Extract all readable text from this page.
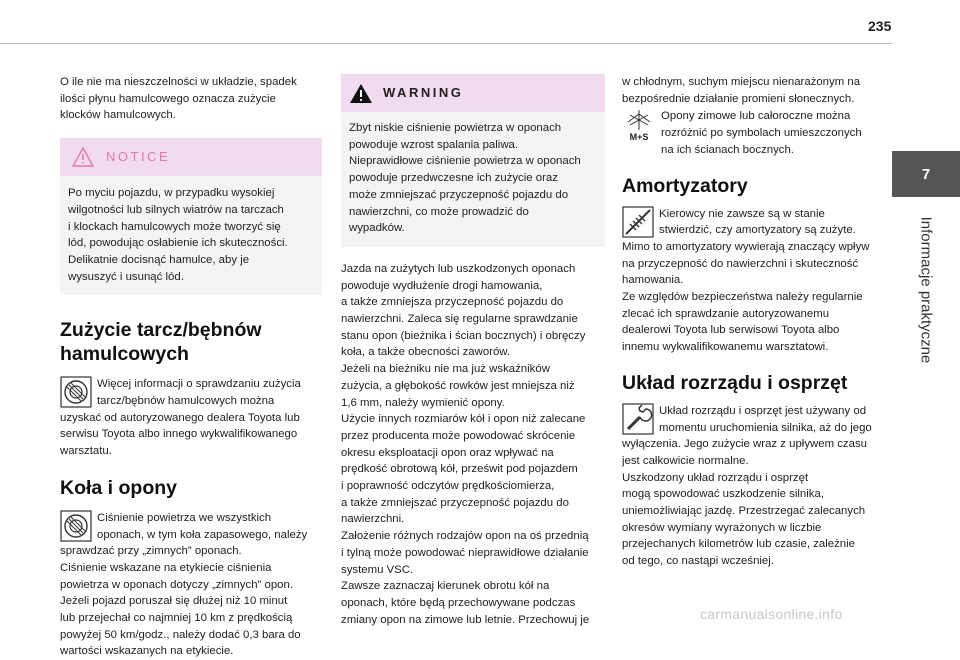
235
7
Informacje praktyczne

O ile nie ma nieszczelności w układzie, spadek
ilości płynu hamulcowego oznacza zużycie
klocków hamulcowych.

NOTICE
Po myciu pojazdu, w przypadku wysokiej
wilgotności lub silnych wiatrów na tarczach
i klockach hamulcowych może tworzyć się
lód, powodując osłabienie ich skuteczności.
Delikatnie docisnąć hamulce, aby je
wysuszyć i usunąć lód.
Zużycie tarcz/bębnów hamulcowych

Więcej informacji o sprawdzaniu zużycia
tarcz/bębnów hamulcowych można
uzyskać od autoryzowanego dealera Toyota lub
serwisu Toyota albo innego wykwalifikowanego
warsztatu.

Koła i opony

Ciśnienie powietrza we wszystkich
oponach, w tym koła zapasowego, należy
sprawdzać przy „zimnych” oponach.
Ciśnienie wskazane na etykiecie ciśnienia
powietrza w oponach dotyczy „zimnych” opon.
Jeżeli pojazd poruszał się dłużej niż 10 minut
lub przejechał co najmniej 10 km z prędkością
powyżej 50 km/godz., należy dodać 0,3 bara do
wartości wskazanych na etykiecie.

WARNING
Zbyt niskie ciśnienie powietrza w oponach
powoduje wzrost spalania paliwa.
Nieprawidłowe ciśnienie powietrza w oponach
powoduje przedwczesne ich zużycie oraz
może zmniejszać przyczepność pojazdu do
nawierzchni, co może prowadzić do
wypadków.

Jazda na zużytych lub uszkodzonych oponach
powoduje wydłużenie drogi hamowania,
a także zmniejsza przyczepność pojazdu do
nawierzchni. Zaleca się regularne sprawdzanie
stanu opon (bieżnika i ścian bocznych) i obręczy
koła, a także obecności zaworów.
Jeżeli na bieżniku nie ma już wskaźników
zużycia, a głębokość rowków jest mniejsza niż
1,6 mm, należy wymienić opony.
Użycie innych rozmiarów kół i opon niż zalecane
przez producenta może powodować skrócenie
okresu eksploatacji opon oraz wpływać na
prędkość obrotową kół, prześwit pod pojazdem
i poprawność odczytów prędkościomierza,
a także zmniejszać przyczepność pojazdu do
nawierzchni.
Założenie różnych rodzajów opon na oś przednią
i tylną może powodować nieprawidłowe działanie
systemu VSC.
Zawsze zaznaczaj kierunek obrotu kół na
oponach, które będą przechowywane podczas
zmiany opon na zimowe lub letnie. Przechowuj je

w chłodnym, suchym miejscu nienarażonym na
bezpośrednie działanie promieni słonecznych.

M+S

Opony zimowe lub całoroczne można
rozróżnić po symbolach umieszczonych
na ich ścianach bocznych.

Amortyzatory

Kierowcy nie zawsze są w stanie
stwierdzić, czy amortyzatory są zużyte.
Mimo to amortyzatory wywierają znaczący wpływ
na przyczepność do nawierzchni i skuteczność
hamowania.
Ze względów bezpieczeństwa należy regularnie
zlecać ich sprawdzanie autoryzowanemu
dealerowi Toyota lub serwisowi Toyota albo
innemu wykwalifikowanemu warsztatowi.

Układ rozrządu i osprzęt

Układ rozrządu i osprzęt jest używany od
momentu uruchomienia silnika, aż do jego
wyłączenia. Jego zużycie wraz z upływem czasu
jest całkowicie normalne.
Uszkodzony układ rozrządu i osprzęt
mogą spowodować uszkodzenie silnika,
uniemożliwiając jazdę. Przestrzegać zalecanych
okresów wymiany wyrażonych w liczbie
przejechanych kilometrów lub czasie, zależnie
od tego, co nastąpi wcześniej.

carmanualsonline.info
